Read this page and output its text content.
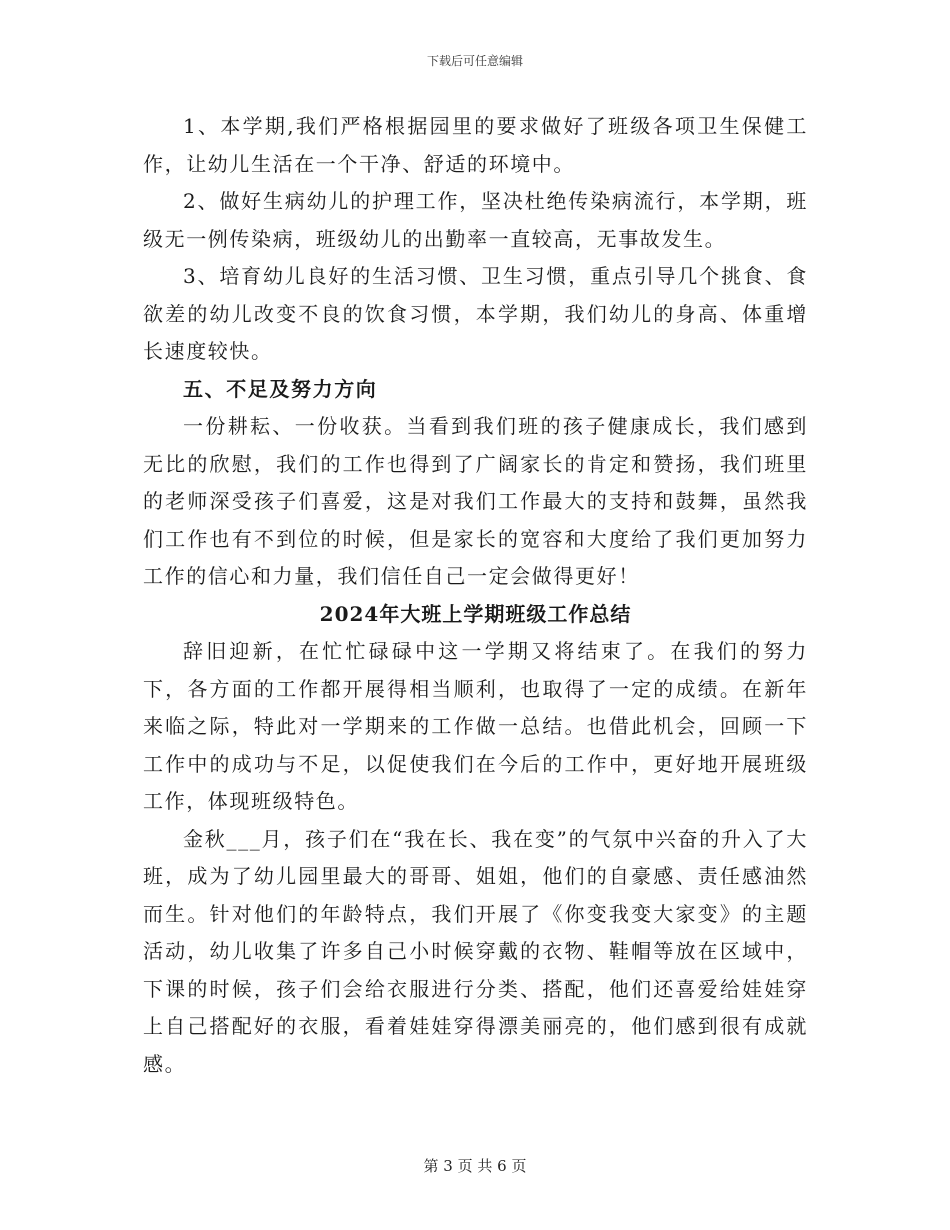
下载后可任意编辑

1、本学期,我们严格根据园里的要求做好了班级各项卫生保健工作，让幼儿生活在一个干净、舒适的环境中。

2、做好生病幼儿的护理工作，坚决杜绝传染病流行，本学期，班级无一例传染病，班级幼儿的出勤率一直较高，无事故发生。

3、培育幼儿良好的生活习惯、卫生习惯，重点引导几个挑食、食欲差的幼儿改变不良的饮食习惯，本学期，我们幼儿的身高、体重增长速度较快。

五、不足及努力方向

一份耕耘、一份收获。当看到我们班的孩子健康成长，我们感到无比的欣慰，我们的工作也得到了广阔家长的肯定和赞扬，我们班里的老师深受孩子们喜爱，这是对我们工作最大的支持和鼓舞，虽然我们工作也有不到位的时候，但是家长的宽容和大度给了我们更加努力工作的信心和力量，我们信任自己一定会做得更好！

2024年大班上学期班级工作总结

辞旧迎新，在忙忙碌碌中这一学期又将结束了。在我们的努力下，各方面的工作都开展得相当顺利，也取得了一定的成绩。在新年来临之际，特此对一学期来的工作做一总结。也借此机会，回顾一下工作中的成功与不足，以促使我们在今后的工作中，更好地开展班级工作，体现班级特色。

金秋___月，孩子们在“我在长、我在变”的气氛中兴奋的升入了大班，成为了幼儿园里最大的哥哥、姐姐，他们的自豪感、责任感油然而生。针对他们的年龄特点，我们开展了《你变我变大家变》的主题活动，幼儿收集了许多自己小时候穿戴的衣物、鞋帽等放在区域中，下课的时候，孩子们会给衣服进行分类、搭配，他们还喜爱给娃娃穿上自己搭配好的衣服，看着娃娃穿得漂美丽亮的，他们感到很有成就感。

第 3 页 共 6 页
